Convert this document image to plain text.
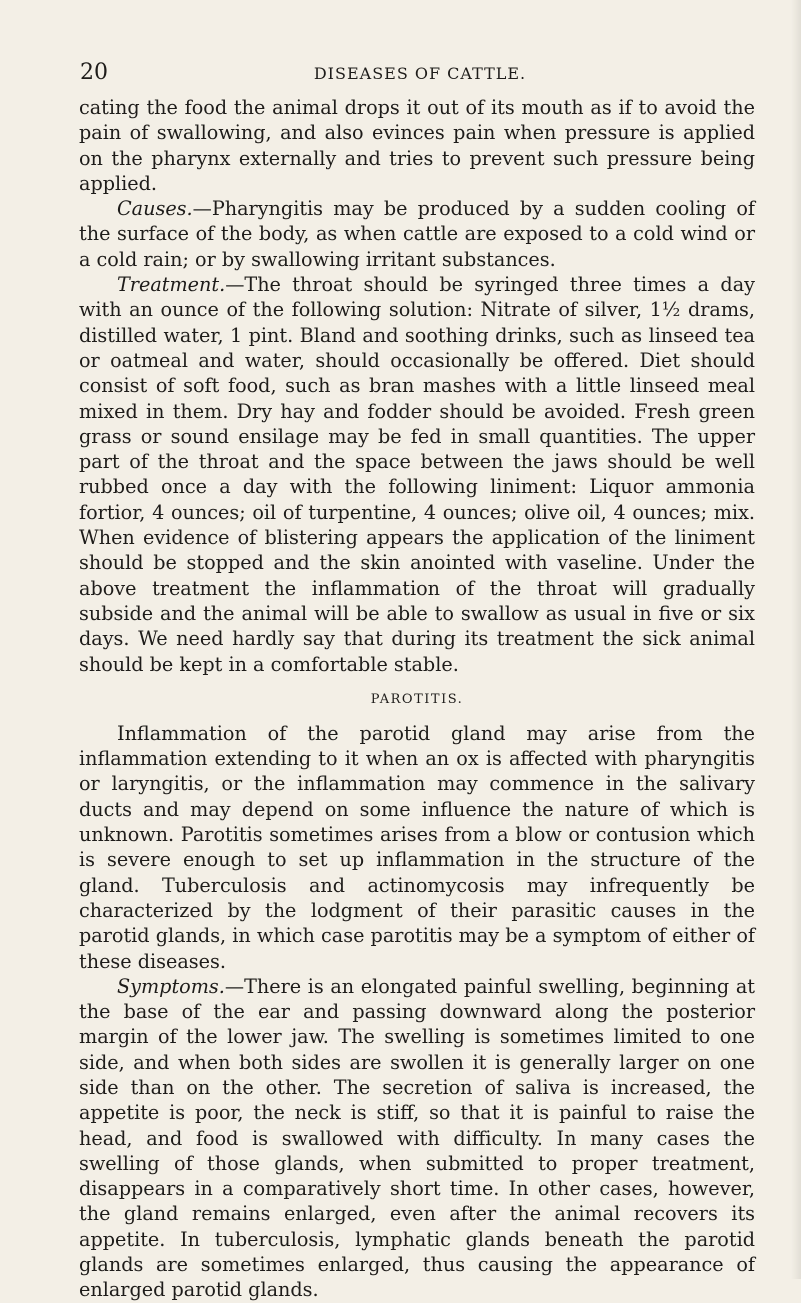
20	DISEASES OF CATTLE.

cating the food the animal drops it out of its mouth as if to avoid the pain of swallowing, and also evinces pain when pressure is applied on the pharynx externally and tries to prevent such pressure being applied.

Causes.—Pharyngitis may be produced by a sudden cooling of the surface of the body, as when cattle are exposed to a cold wind or a cold rain; or by swallowing irritant substances.

Treatment.—The throat should be syringed three times a day with an ounce of the following solution: Nitrate of silver, 1½ drams, distilled water, 1 pint. Bland and soothing drinks, such as linseed tea or oatmeal and water, should occasionally be offered. Diet should consist of soft food, such as bran mashes with a little linseed meal mixed in them. Dry hay and fodder should be avoided. Fresh green grass or sound ensilage may be fed in small quantities. The upper part of the throat and the space between the jaws should be well rubbed once a day with the following liniment: Liquor ammonia fortior, 4 ounces; oil of turpentine, 4 ounces; olive oil, 4 ounces; mix. When evidence of blistering appears the application of the liniment should be stopped and the skin anointed with vaseline. Under the above treatment the inflammation of the throat will gradually subside and the animal will be able to swallow as usual in five or six days. We need hardly say that during its treatment the sick animal should be kept in a comfortable stable.

PAROTITIS.

Inflammation of the parotid gland may arise from the inflammation extending to it when an ox is affected with pharyngitis or laryngitis, or the inflammation may commence in the salivary ducts and may depend on some influence the nature of which is unknown. Parotitis sometimes arises from a blow or contusion which is severe enough to set up inflammation in the structure of the gland. Tuberculosis and actinomycosis may infrequently be characterized by the lodgment of their parasitic causes in the parotid glands, in which case parotitis may be a symptom of either of these diseases.

Symptoms.—There is an elongated painful swelling, beginning at the base of the ear and passing downward along the posterior margin of the lower jaw. The swelling is sometimes limited to one side, and when both sides are swollen it is generally larger on one side than on the other. The secretion of saliva is increased, the appetite is poor, the neck is stiff, so that it is painful to raise the head, and food is swallowed with difficulty. In many cases the swelling of those glands, when submitted to proper treatment, disappears in a comparatively short time. In other cases, however, the gland remains enlarged, even after the animal recovers its appetite. In tuberculosis, lymphatic glands beneath the parotid glands are sometimes enlarged, thus causing the appearance of enlarged parotid glands.
